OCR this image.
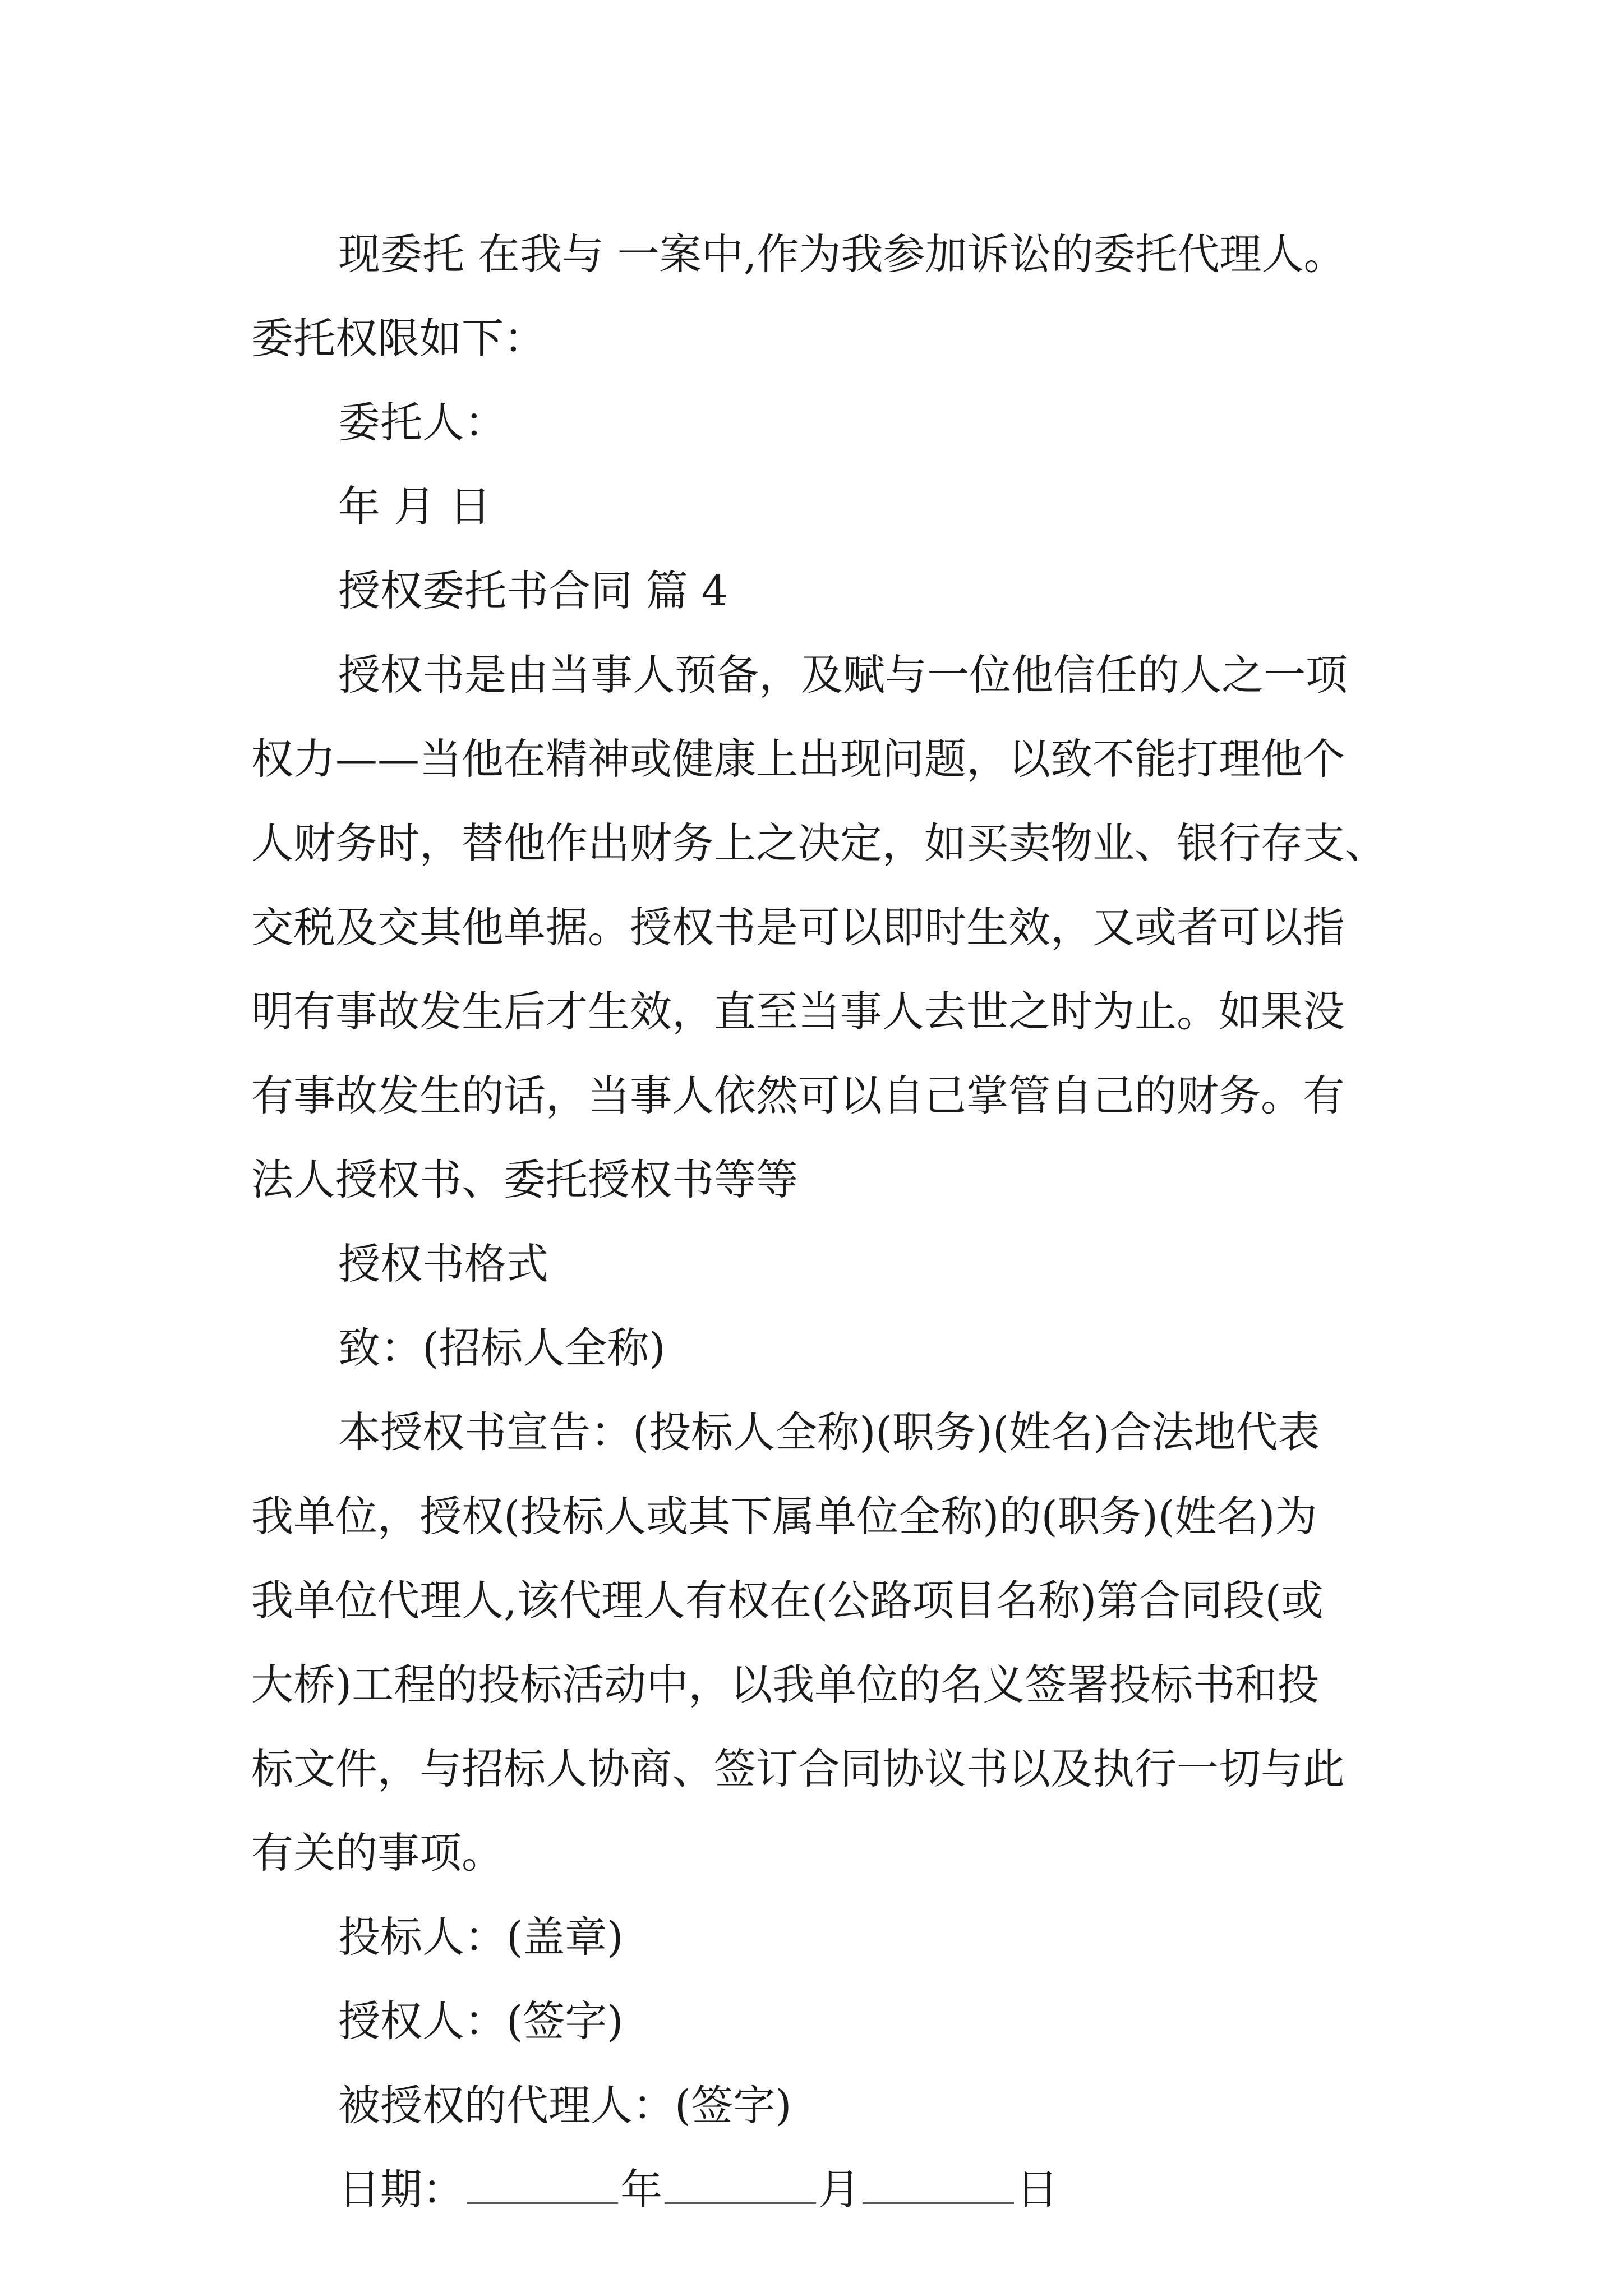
现委托 在我与 一案中,作为我参加诉讼的委托代理人。
委托权限如下：
委托人：
年 月 日
授权委托书合同 篇 4
授权书是由当事人预备，及赋与一位他信任的人之一项
权力——当他在精神或健康上出现问题，以致不能打理他个
人财务时，替他作出财务上之决定，如买卖物业、银行存支、
交税及交其他单据。授权书是可以即时生效，又或者可以指
明有事故发生后才生效，直至当事人去世之时为止。如果没
有事故发生的话，当事人依然可以自己掌管自己的财务。有
法人授权书、委托授权书等等
授权书格式
致：(招标人全称)
本授权书宣告：(投标人全称)(职务)(姓名)合法地代表
我单位，授权(投标人或其下属单位全称)的(职务)(姓名)为
我单位代理人,该代理人有权在(公路项目名称)第合同段(或
大桥)工程的投标活动中，以我单位的名义签署投标书和投
标文件，与招标人协商、签订合同协议书以及执行一切与此
有关的事项。
投标人：(盖章)
授权人：(签字)
被授权的代理人：(签字)
日期：	年	月	日
